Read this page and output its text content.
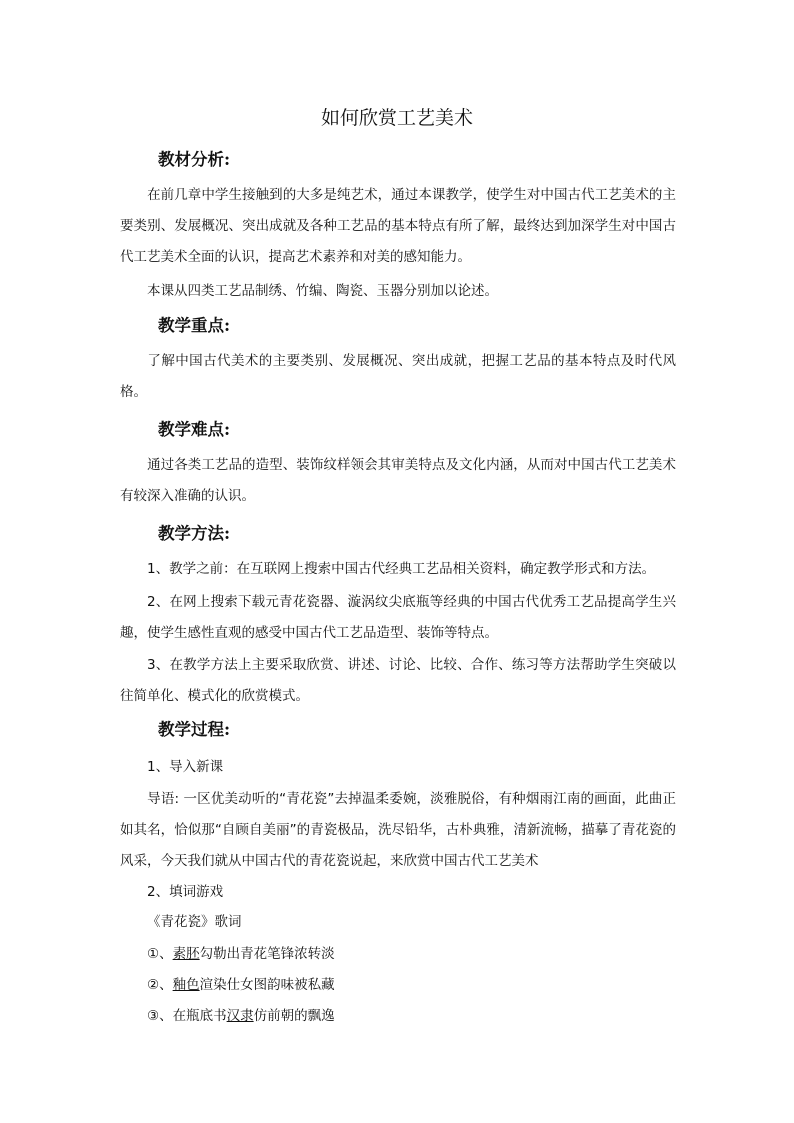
如何欣赏工艺美术
教材分析:

在前几章中学生接触到的大多是纯艺术，通过本课教学，使学生对中国古代工艺美术的主要类别、发展概况、突出成就及各种工艺品的基本特点有所了解，最终达到加深学生对中国古代工艺美术全面的认识，提高艺术素养和对美的感知能力。

本课从四类工艺品制绣、竹编、陶瓷、玉器分别加以论述。

教学重点:

了解中国古代美术的主要类别、发展概况、突出成就，把握工艺品的基本特点及时代风格。

教学难点:

通过各类工艺品的造型、装饰纹样领会其审美特点及文化内涵，从而对中国古代工艺美术有较深入准确的认识。

教学方法:

1、教学之前：在互联网上搜索中国古代经典工艺品相关资料，确定教学形式和方法。

2、在网上搜索下载元青花瓷器、漩涡纹尖底瓶等经典的中国古代优秀工艺品提高学生兴趣，使学生感性直观的感受中国古代工艺品造型、装饰等特点。

3、在教学方法上主要采取欣赏、讲述、讨论、比较、合作、练习等方法帮助学生突破以往简单化、模式化的欣赏模式。

教学过程:
1、导入新课

导语: 一区优美动听的“青花瓷”去掉温柔委婉，淡雅脱俗，有种烟雨江南的画面，此曲正如其名，恰似那“自顾自美丽”的青瓷极品，洗尽铅华，古朴典雅，清新流畅，描摹了青花瓷的风采，今天我们就从中国古代的青花瓷说起，来欣赏中国古代工艺美术

2、填词游戏
《青花瓷》歌词
①、素胚勾勒出青花笔锋浓转淡
②、釉色渲染仕女图韵味被私藏
③、在瓶底书汉隶仿前朝的飘逸
